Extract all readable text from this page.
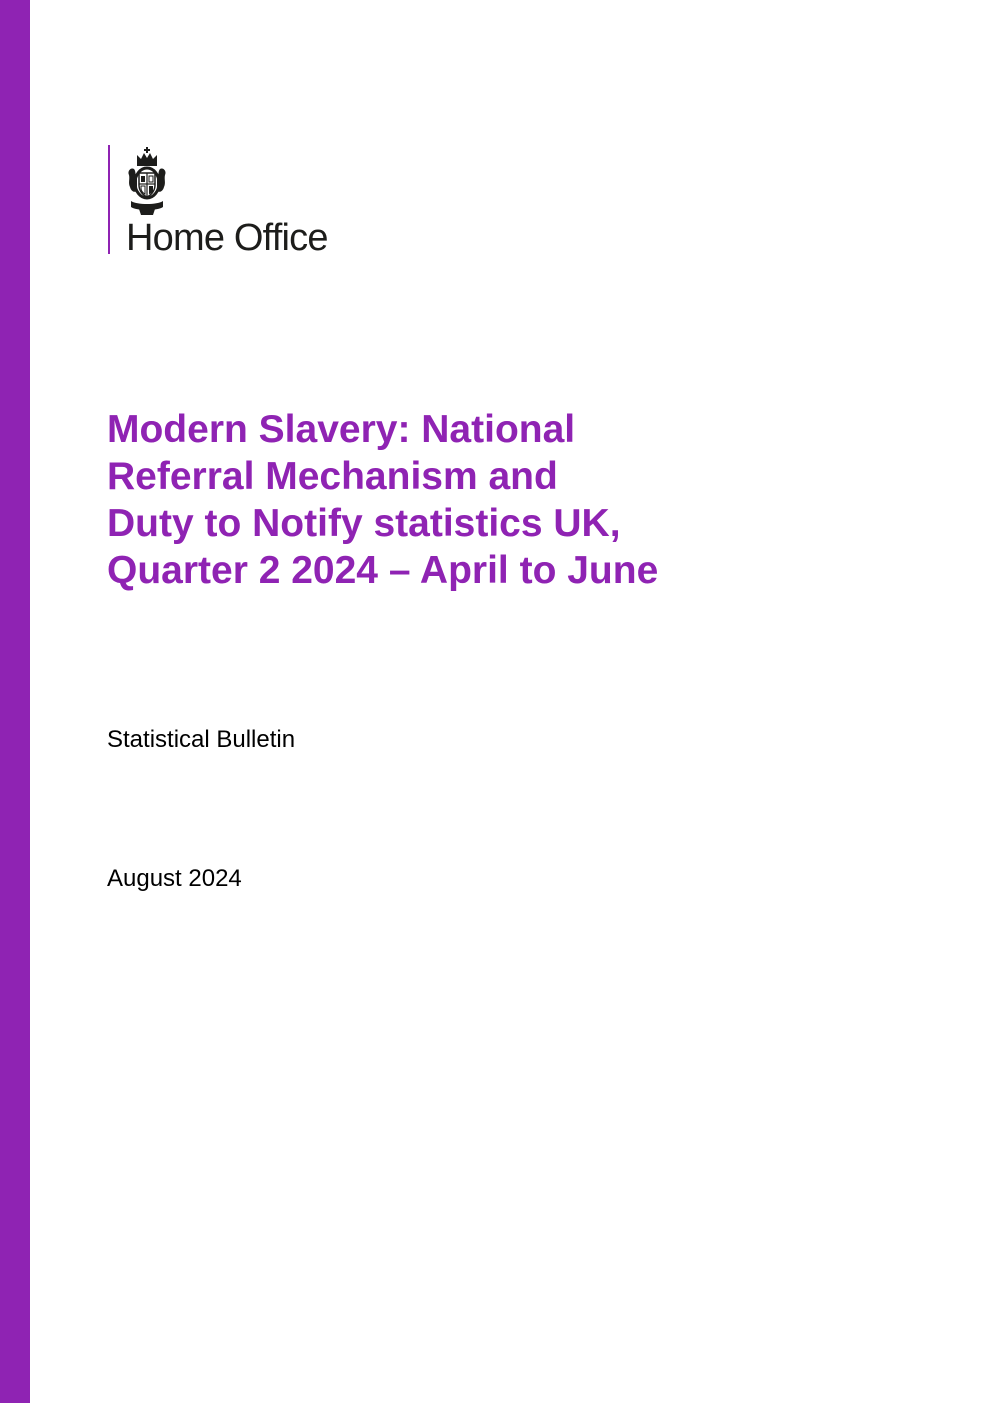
Home Office
Modern Slavery: National
Referral Mechanism and
Duty to Notify statistics UK,
Quarter 2 2024 – April to June
Statistical Bulletin
August 2024
